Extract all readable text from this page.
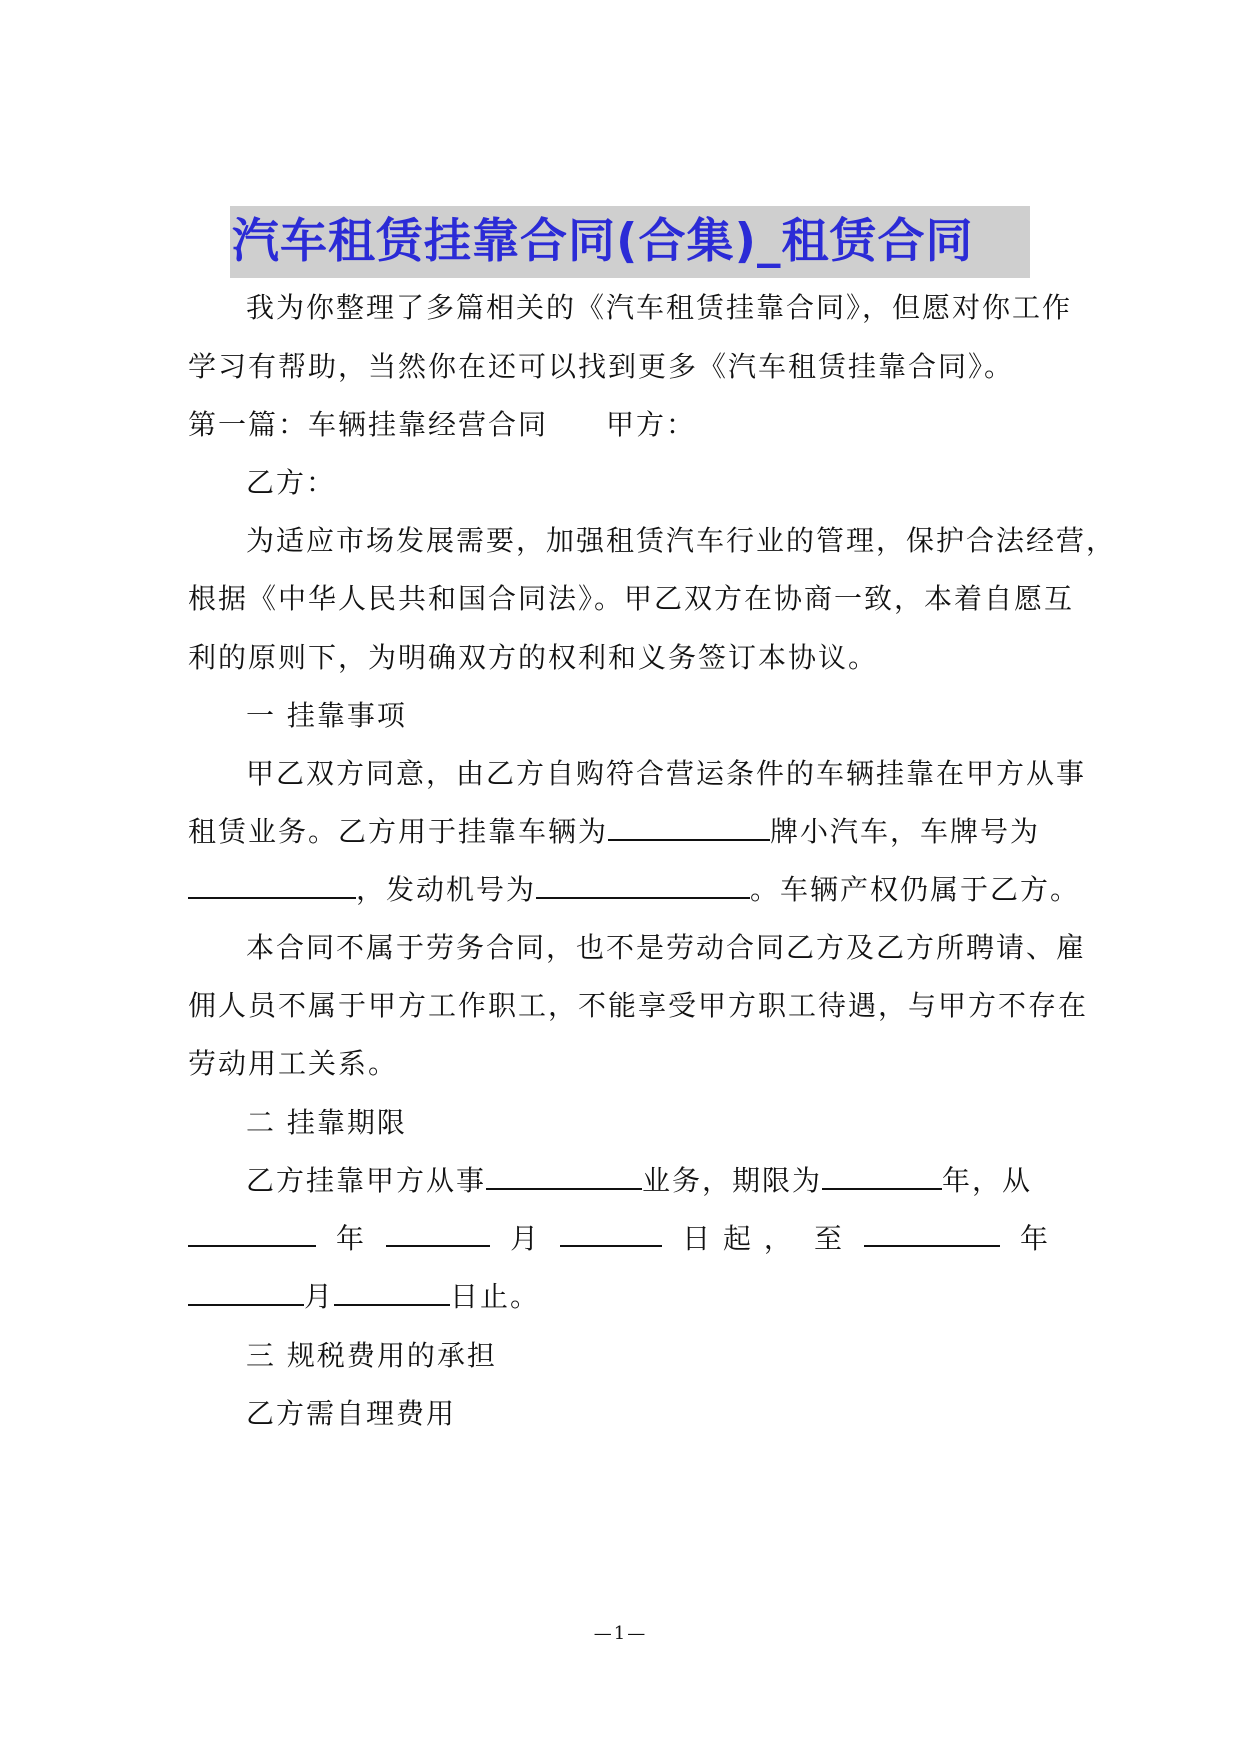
汽车租赁挂靠合同(合集)_租赁合同
我为你整理了多篇相关的《汽车租赁挂靠合同》，但愿对你工作
学习有帮助，当然你在还可以找到更多《汽车租赁挂靠合同》。
第一篇：车辆挂靠经营合同 甲方：
乙方：
为适应市场发展需要，加强租赁汽车行业的管理，保护合法经营，
根据《中华人民共和国合同法》。甲乙双方在协商一致，本着自愿互
利的原则下，为明确双方的权利和义务签订本协议。
一 挂靠事项
甲乙双方同意，由乙方自购符合营运条件的车辆挂靠在甲方从事
租赁业务。乙方用于挂靠车辆为	牌小汽车，车牌号为
，发动机号为	。车辆产权仍属于乙方。
本合同不属于劳务合同，也不是劳动合同乙方及乙方所聘请、雇
佣人员不属于甲方工作职工，不能享受甲方职工待遇，与甲方不存在
劳动用工关系。
二 挂靠期限
乙方挂靠甲方从事	业务，期限为	年，从
年	月	日 起 ， 至	年
月	日止。
三 规税费用的承担
乙方需自理费用
—1—
